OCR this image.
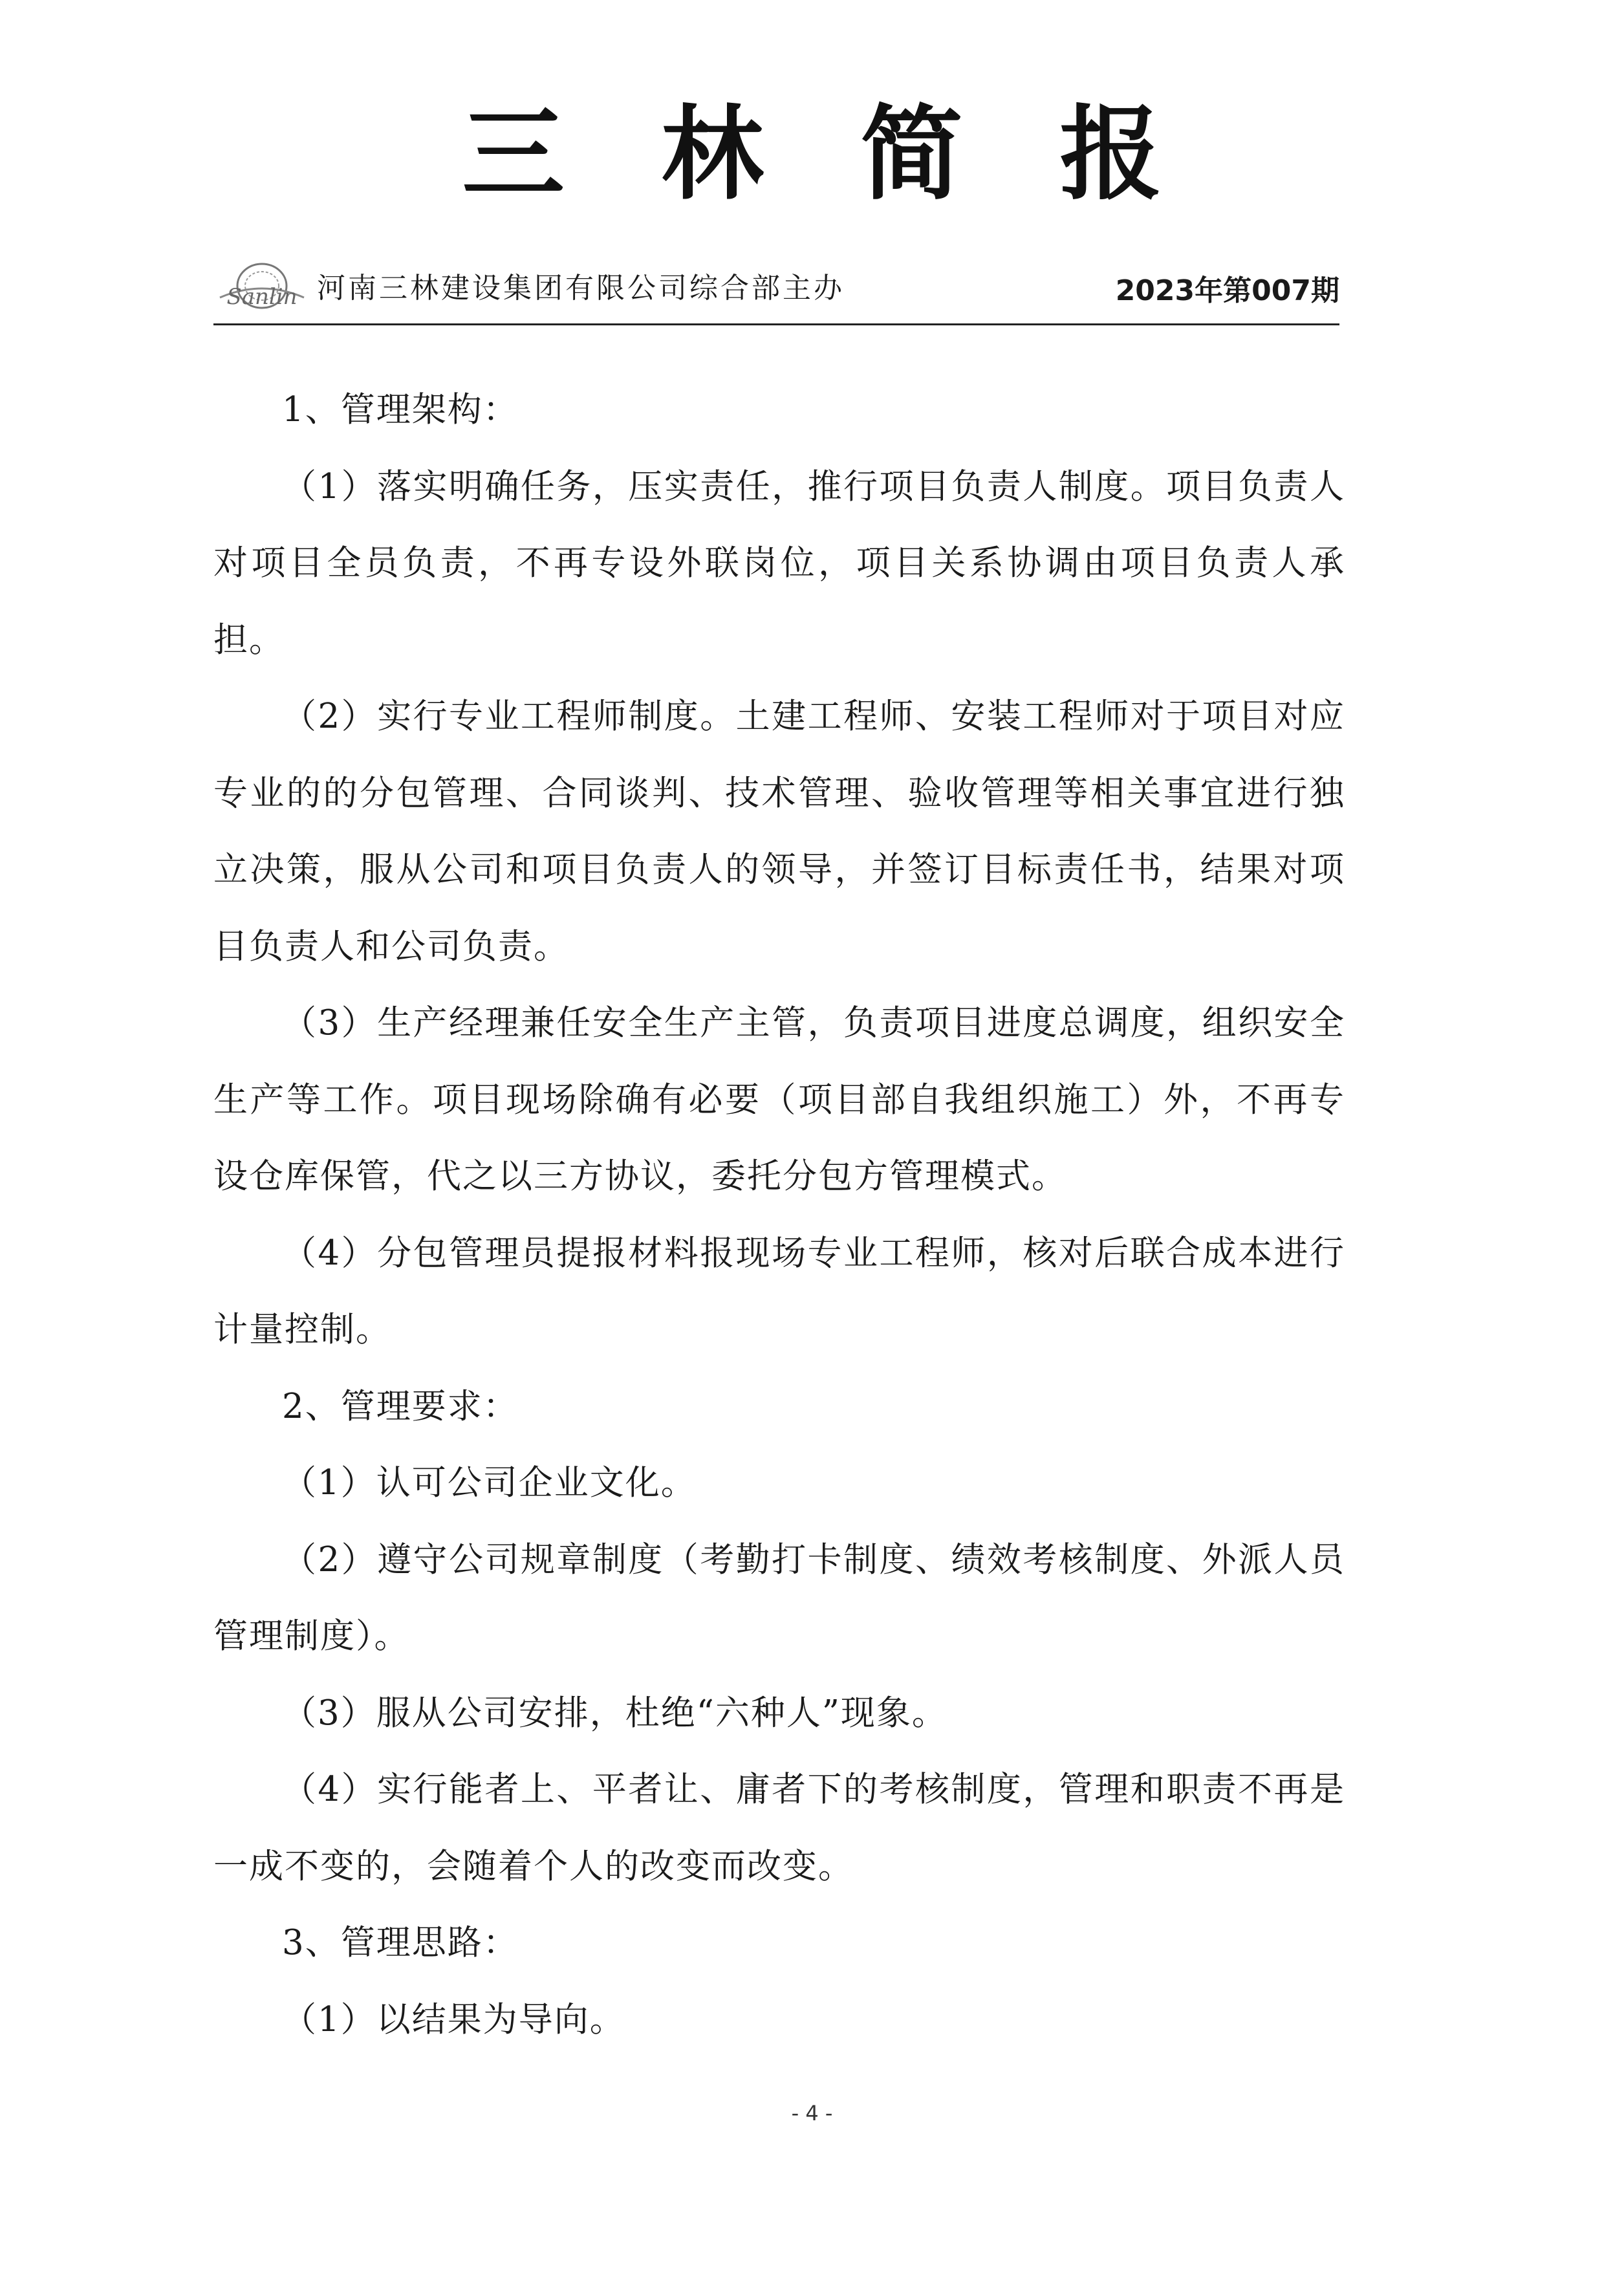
三林简报
Sanlin 河南三林建设集团有限公司综合部主办	2023年第007期

1、管理架构：

（1）落实明确任务，压实责任，推行项目负责人制度。项目负责人对项目全员负责，不再专设外联岗位，项目关系协调由项目负责人承担。

（2）实行专业工程师制度。土建工程师、安装工程师对于项目对应专业的的分包管理、合同谈判、技术管理、验收管理等相关事宜进行独立决策，服从公司和项目负责人的领导，并签订目标责任书，结果对项目负责人和公司负责。

（3）生产经理兼任安全生产主管，负责项目进度总调度，组织安全生产等工作。项目现场除确有必要（项目部自我组织施工）外，不再专设仓库保管，代之以三方协议，委托分包方管理模式。

（4）分包管理员提报材料报现场专业工程师，核对后联合成本进行计量控制。

2、管理要求：

（1）认可公司企业文化。

（2）遵守公司规章制度（考勤打卡制度、绩效考核制度、外派人员管理制度）。

（3）服从公司安排，杜绝“六种人”现象。

（4）实行能者上、平者让、庸者下的考核制度，管理和职责不再是一成不变的，会随着个人的改变而改变。

3、管理思路：

（1）以结果为导向。

- 4 -
